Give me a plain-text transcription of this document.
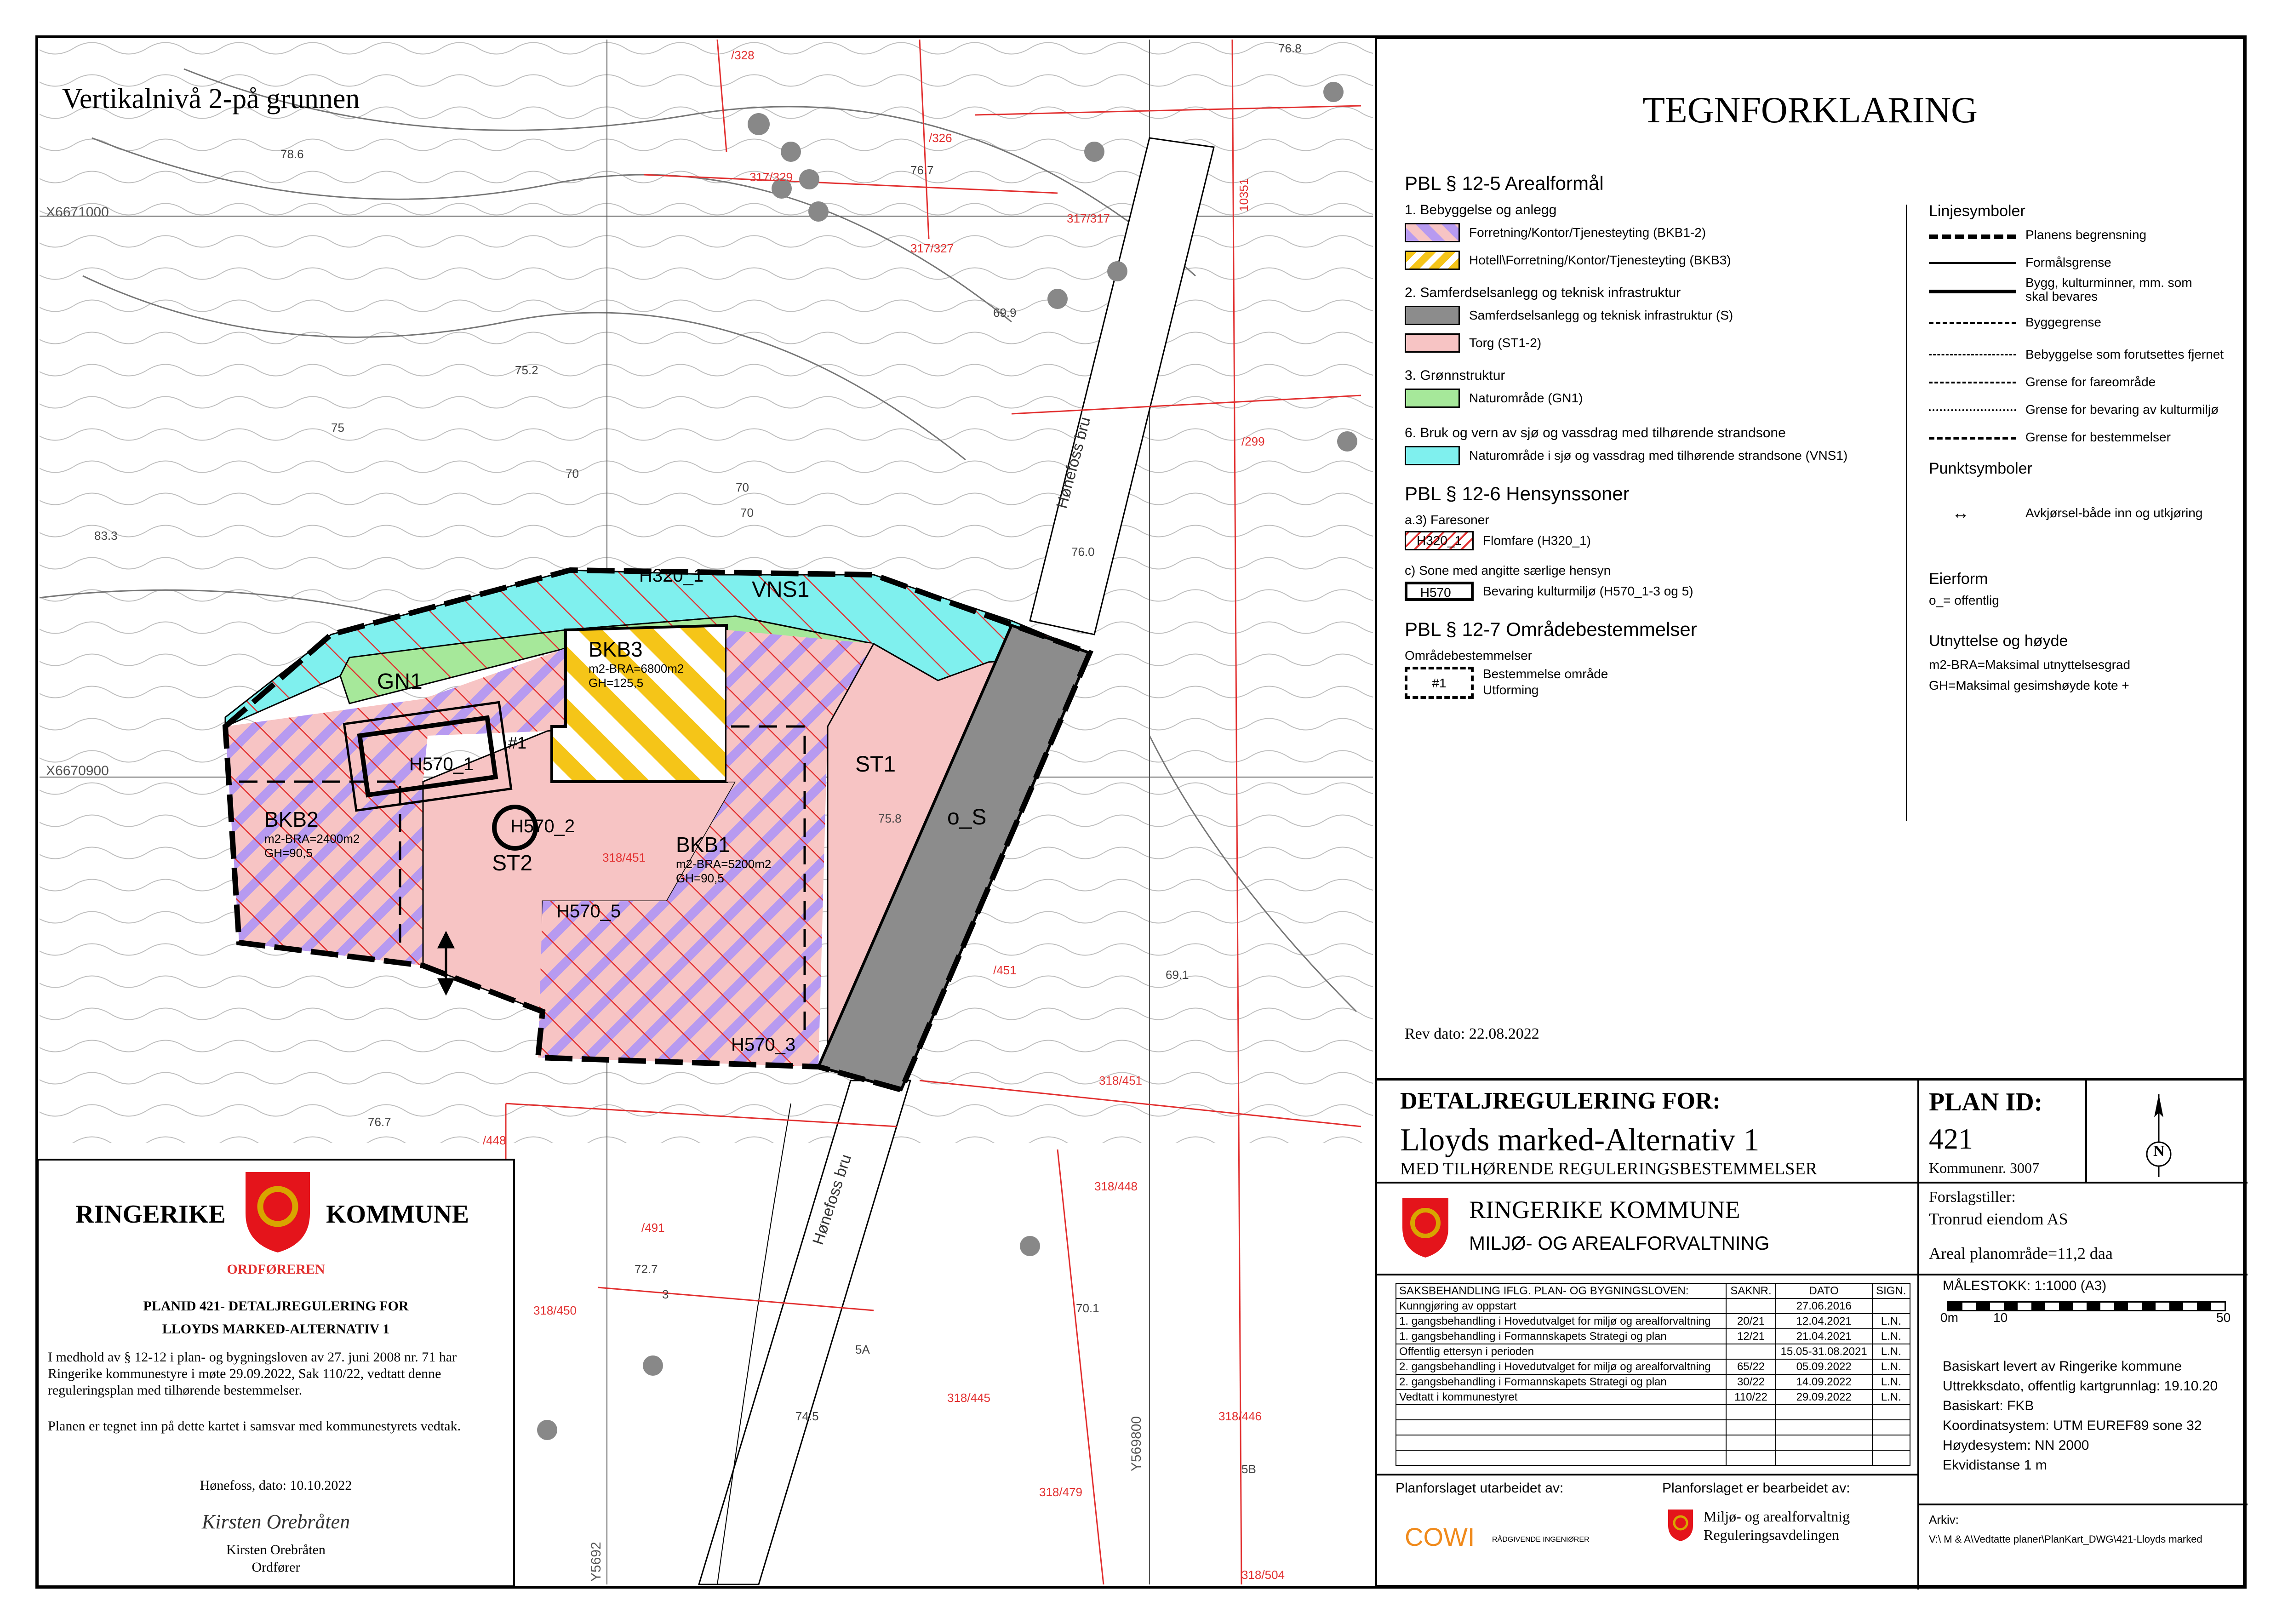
Vertikalnivå 2-på grunnen
VNS1
H320_1
GN1
BKB3
m2-BRA=6800m2
GH=125,5
BKB2
m2-BRA=2400m2
GH=90,5	BKB1
m2-BRA=5200m2
GH=90,5
ST1
ST2
o_S
H570_1
H570_2
H570_5
H570_3
#1
X6671000
X6670900
Y569800
Y5692
Hønefoss bru
Hønefoss bru
/328
/326
317/329
317/317
317/327
10351
/299
/451
318/451
/448
318/448
/491
318/450
318/445
318/446
318/479
318/504
318/451
76.8
78.6
75.2
75
83.3
70
70
70
69.9
76.7
75.8
76.0
69.1
76.7
72.7
70.1
74.5
3
5A
5B
TEGNFORKLARING
PBL § 12-5 Arealformål
1. Bebyggelse og anlegg
Forretning/Kontor/Tjenesteyting (BKB1-2)
Hotell\Forretning/Kontor/Tjenesteyting (BKB3)
2. Samferdselsanlegg og teknisk infrastruktur
Samferdselsanlegg og teknisk infrastruktur (S)
Torg (ST1-2)
3. Grønnstruktur
Naturområde (GN1)
6. Bruk og vern av sjø og vassdrag med tilhørende strandsone
Naturområde i sjø og vassdrag med tilhørende strandsone (VNS1)
PBL § 12-6 Hensynssoner
a.3) Faresoner
H320_1	Flomfare (H320_1)
c) Sone med angitte særlige hensyn
H570_	Bevaring kulturmiljø (H570_1-3 og 5)
PBL § 12-7 Områdebestemmelser
Områdebestemmelser
#1
Bestemmelse område
Utforming
Rev dato: 22.08.2022
Linjesymboler
Planens begrensning
Formålsgrense
Bygg, kulturminner, mm. som skal bevares
Byggegrense
Bebyggelse som forutsettes fjernet
Grense for fareområde
Grense for bevaring av kulturmiljø
Grense for bestemmelser
Punktsymboler
↔	Avkjørsel-både inn og utkjøring
Eierform
o_= offentlig
Utnyttelse og høyde
m2-BRA=Maksimal utnyttelsesgrad
GH=Maksimal gesimshøyde kote +
DETALJREGULERING FOR:
Lloyds marked-Alternativ 1
MED TILHØRENDE REGULERINGSBESTEMMELSER
PLAN ID:
421
Kommunenr. 3007
N
RINGERIKE KOMMUNE
MILJØ- OG AREALFORVALTNING
Forslagstiller:
Tronrud eiendom AS
Areal planområde=11,2 daa
MÅLESTOKK: 1:1000 (A3)
0m	10	50
Basiskart levert av Ringerike kommune
Uttrekksdato, offentlig kartgrunnlag: 19.10.20
Basiskart: FKB
Koordinatsystem: UTM EUREF89 sone 32
Høydesystem: NN 2000
Ekvidistanse 1 m
SAKSBEHANDLING IFLG. PLAN- OG BYGNINGSLOVEN:	SAKNR.	DATO	SIGN.
Kunngjøring av oppstart		27.06.2016	
1. gangsbehandling i Hovedutvalget for miljø og arealforvaltning	20/21	12.04.2021	L.N.
1. gangsbehandling i Formannskapets Strategi og plan	12/21	21.04.2021	L.N.
Offentlig ettersyn i perioden		15.05-31.08.2021	L.N.
2. gangsbehandling i Hovedutvalget for miljø og arealforvaltning	65/22	05.09.2022	L.N.
2. gangsbehandling i Formannskapets Strategi og plan	30/22	14.09.2022	L.N.
Vedtatt i kommunestyret	110/22	29.09.2022	L.N.

Planforslaget utarbeidet av:
COWI RÅDGIVENDE INGENIØRER
Planforslaget er bearbeidet av:
Miljø- og arealforvaltnig
Reguleringsavdelingen
Arkiv:
V:\ M & A\Vedtatte planer\PlanKart_DWG\421-Lloyds marked
RINGERIKE	KOMMUNE
ORDFØREREN
PLANID 421- DETALJREGULERING FOR
LLOYDS MARKED-ALTERNATIV 1
I medhold av § 12-12 i plan- og bygningsloven av 27. juni 2008 nr. 71 har Ringerike kommunestyre i møte 29.09.2022, Sak 110/22, vedtatt denne reguleringsplan med tilhørende bestemmelser.
Planen er tegnet inn på dette kartet i samsvar med kommunestyrets vedtak.
Hønefoss, dato: 10.10.2022
Kirsten Orebråten
Kirsten Orebråten
Ordfører
